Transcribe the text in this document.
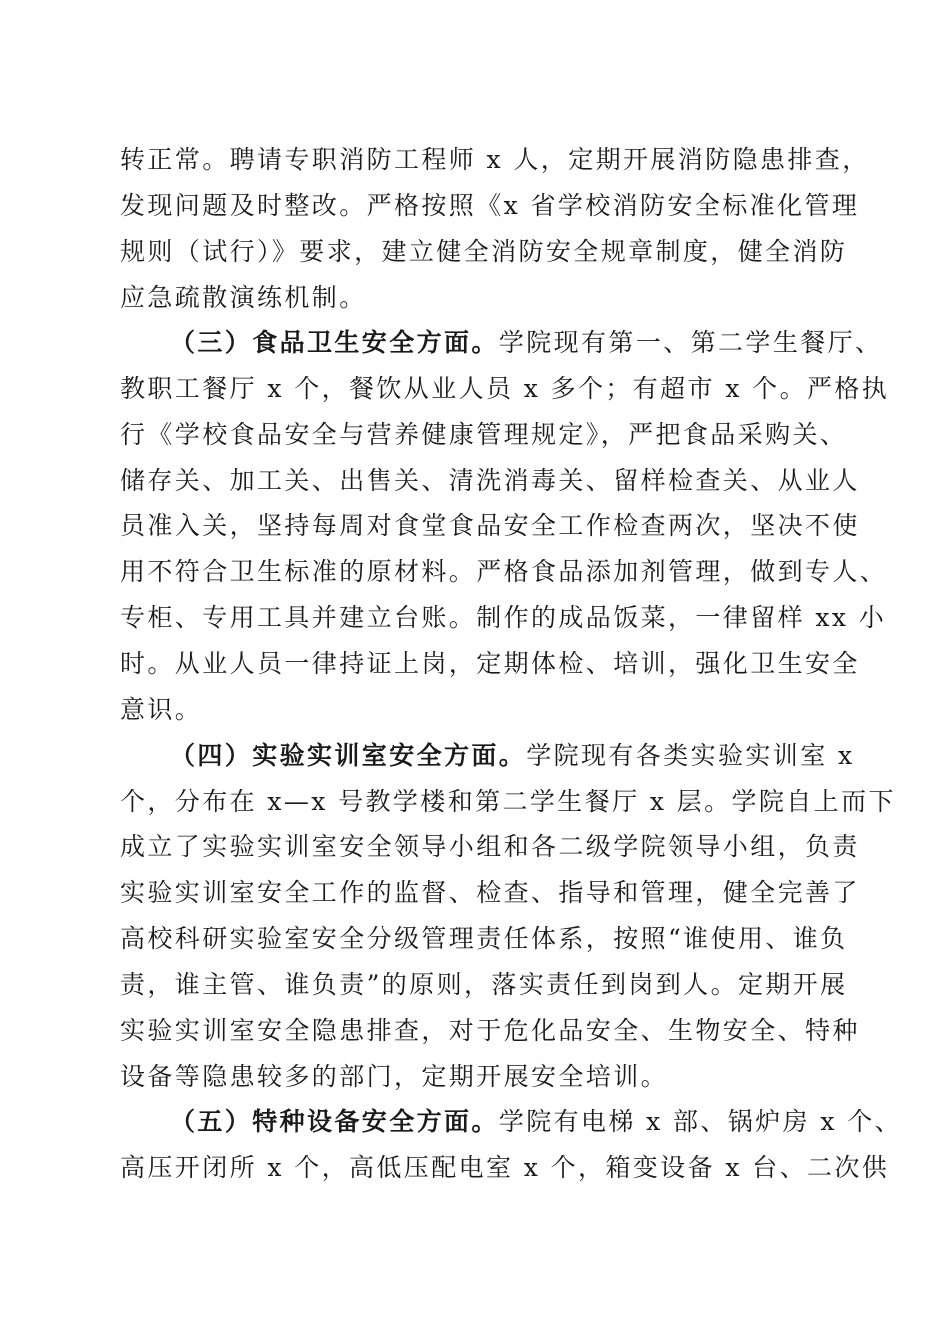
转正常。聘请专职消防工程师 x 人，定期开展消防隐患排查，
发现问题及时整改。严格按照《x 省学校消防安全标准化管理
规则（试行）》要求，建立健全消防安全规章制度，健全消防
应急疏散演练机制。
（三）食品卫生安全方面。学院现有第一、第二学生餐厅、
教职工餐厅 x 个，餐饮从业人员 x 多个；有超市 x 个。严格执
行《学校食品安全与营养健康管理规定》，严把食品采购关、
储存关、加工关、出售关、清洗消毒关、留样检查关、从业人
员准入关，坚持每周对食堂食品安全工作检查两次，坚决不使
用不符合卫生标准的原材料。严格食品添加剂管理，做到专人、
专柜、专用工具并建立台账。制作的成品饭菜，一律留样 xx 小
时。从业人员一律持证上岗，定期体检、培训，强化卫生安全
意识。
（四）实验实训室安全方面。学院现有各类实验实训室 x
个，分布在 x—x 号教学楼和第二学生餐厅 x 层。学院自上而下
成立了实验实训室安全领导小组和各二级学院领导小组，负责
实验实训室安全工作的监督、检查、指导和管理，健全完善了
高校科研实验室安全分级管理责任体系，按照“谁使用、谁负
责，谁主管、谁负责”的原则，落实责任到岗到人。定期开展
实验实训室安全隐患排查，对于危化品安全、生物安全、特种
设备等隐患较多的部门，定期开展安全培训。
（五）特种设备安全方面。学院有电梯 x 部、锅炉房 x 个、
高压开闭所 x 个，高低压配电室 x 个，箱变设备 x 台、二次供
